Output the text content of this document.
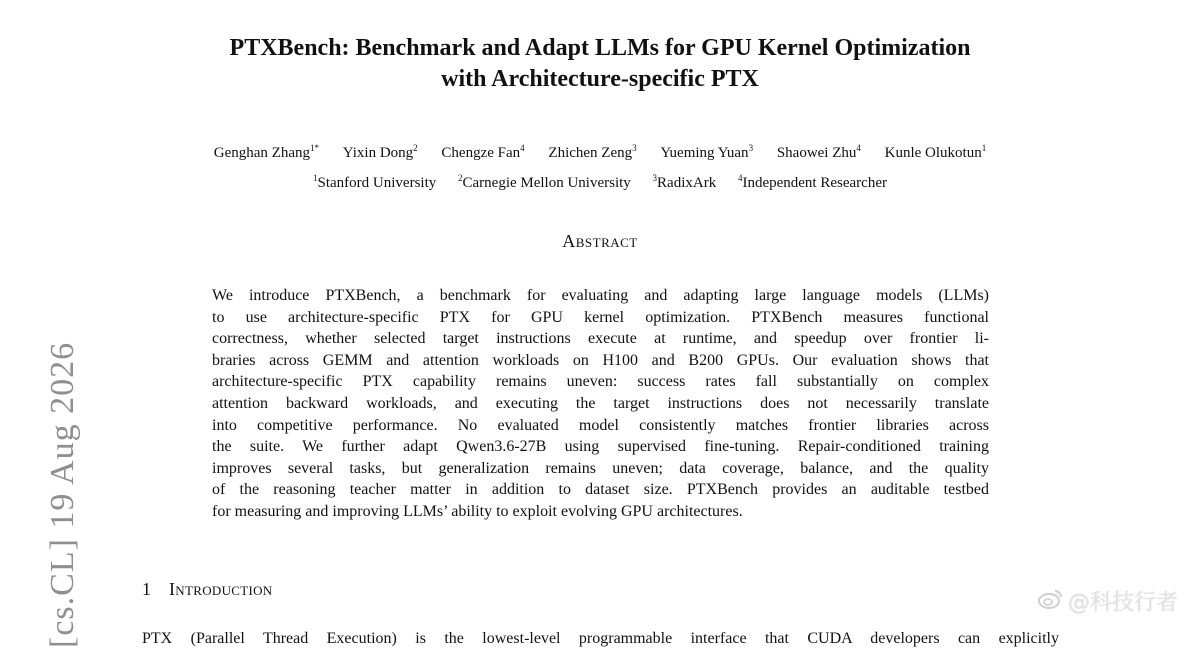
[cs.CL] 19 Aug 2026
PTXBench: Benchmark and Adapt LLMs for GPU Kernel Optimization
with Architecture-specific PTX
Genghan Zhang$^{1*}$ Yixin Dong$^2$ Chengze Fan$^4$ Zhichen Zeng$^3$ Yueming Yuan$^3$ Shaowei Zhu$^4$ Kunle Olukotun$^1$
$^1$Stanford University $^2$Carnegie Mellon University $^3$RadixArk $^4$Independent Researcher
Abstract
We introduce PTXBench, a benchmark for evaluating and adapting large language models (LLMs)
to use architecture-specific PTX for GPU kernel optimization. PTXBench measures functional
correctness, whether selected target instructions execute at runtime, and speedup over frontier li-
braries across GEMM and attention workloads on H100 and B200 GPUs. Our evaluation shows that
architecture-specific PTX capability remains uneven: success rates fall substantially on complex
attention backward workloads, and executing the target instructions does not necessarily translate
into competitive performance. No evaluated model consistently matches frontier libraries across
the suite. We further adapt Qwen3.6-27B using supervised fine-tuning. Repair-conditioned training
improves several tasks, but generalization remains uneven; data coverage, balance, and the quality
of the reasoning teacher matter in addition to dataset size. PTXBench provides an auditable testbed
for measuring and improving LLMs’ ability to exploit evolving GPU architectures.
1 Introduction
PTX (Parallel Thread Execution) is the lowest-level programmable interface that CUDA developers can explicitly
@科技行者
